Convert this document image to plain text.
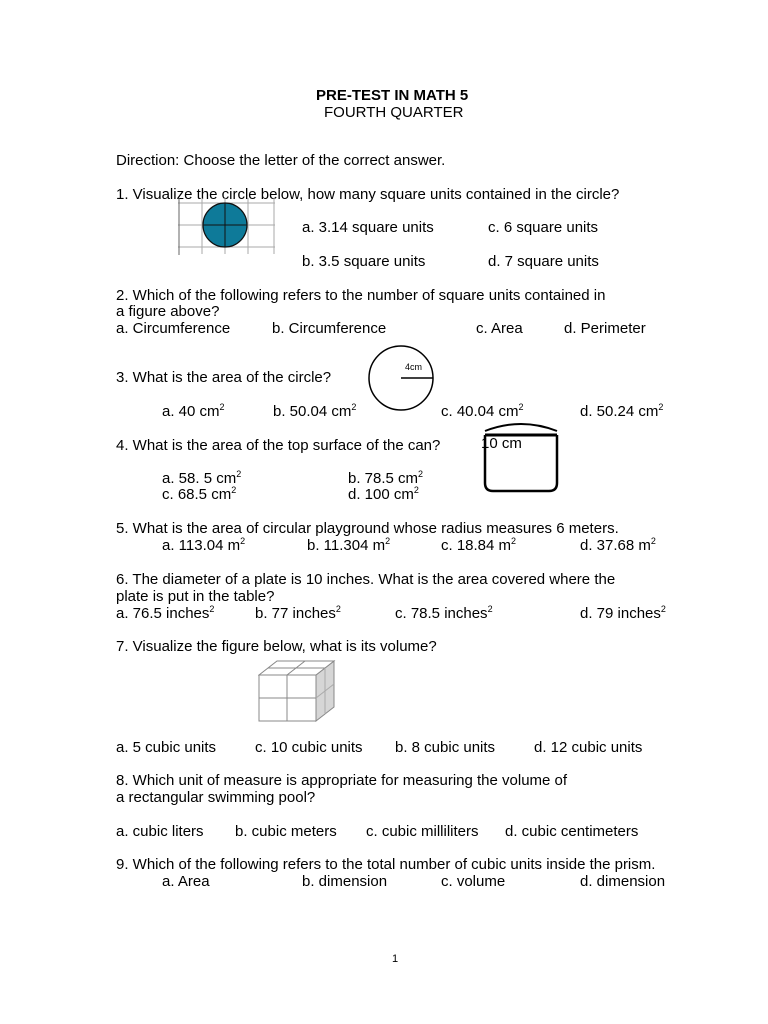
PRE-TEST IN MATH 5
FOURTH QUARTER
Direction: Choose the letter of the correct answer.
1. Visualize the circle below, how many square units contained in the circle?
a. 3.14 square units	c. 6 square units
b. 3.5 square units	d. 7 square units
2. Which of the following refers to the number of square units contained in
a figure above?
a. Circumference	b. Circumference	c. Area	d. Perimeter
3. What is the area of the circle?
4cm
a. 40 $cm^2$	b. 50.04 $cm^2$	c. 40.04 $cm^2$	d. 50.24 $cm^2$
4. What is the area of the top surface of the can?	10 cm
a. 58. 5 $cm^2$	b. 78.5 $cm^2$
c. 68.5 $cm^2$	d. 100 $cm^2$
5. What is the area of circular playground whose radius measures 6 meters.
a. 113.04 $m^2$	b. 11.304 $m^2$	c. 18.84 $m^2$	d. 37.68 $m^2$
6. The diameter of a plate is 10 inches. What is the area covered where the
plate is put in the table?
a. 76.5 inches$^2$	b. 77 inches$^2$	c. 78.5 inches$^2$	d. 79 inches$^2$
7. Visualize the figure below, what is its volume?
a. 5 cubic units	c. 10 cubic units b. 8 cubic units	d. 12 cubic units
8. Which unit of measure is appropriate for measuring the volume of
a rectangular swimming pool?
a. cubic liters b. cubic meters c. cubic milliliters d. cubic centimeters
9. Which of the following refers to the total number of cubic units inside the prism.
a. Area	b. dimension	c. volume	d. dimension
1
